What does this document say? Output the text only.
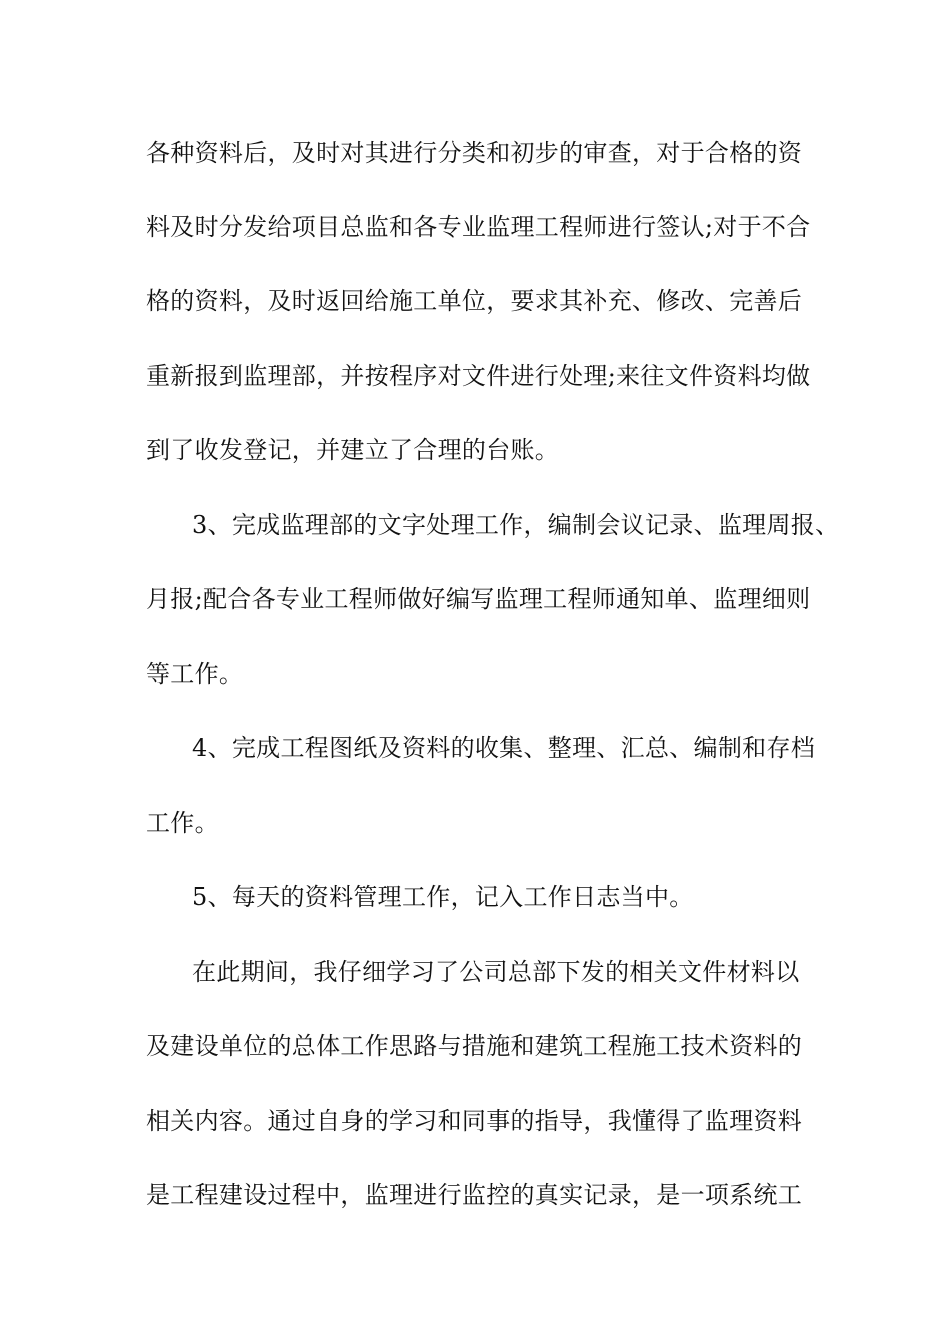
各种资料后，及时对其进行分类和初步的审查，对于合格的资
料及时分发给项目总监和各专业监理工程师进行签认;对于不合
格的资料，及时返回给施工单位，要求其补充、修改、完善后
重新报到监理部，并按程序对文件进行处理;来往文件资料均做
到了收发登记，并建立了合理的台账。
3、完成监理部的文字处理工作，编制会议记录、监理周报、
月报;配合各专业工程师做好编写监理工程师通知单、监理细则
等工作。
4、完成工程图纸及资料的收集、整理、汇总、编制和存档
工作。
5、每天的资料管理工作，记入工作日志当中。
在此期间，我仔细学习了公司总部下发的相关文件材料以
及建设单位的总体工作思路与措施和建筑工程施工技术资料的
相关内容。通过自身的学习和同事的指导，我懂得了监理资料
是工程建设过程中，监理进行监控的真实记录，是一项系统工
